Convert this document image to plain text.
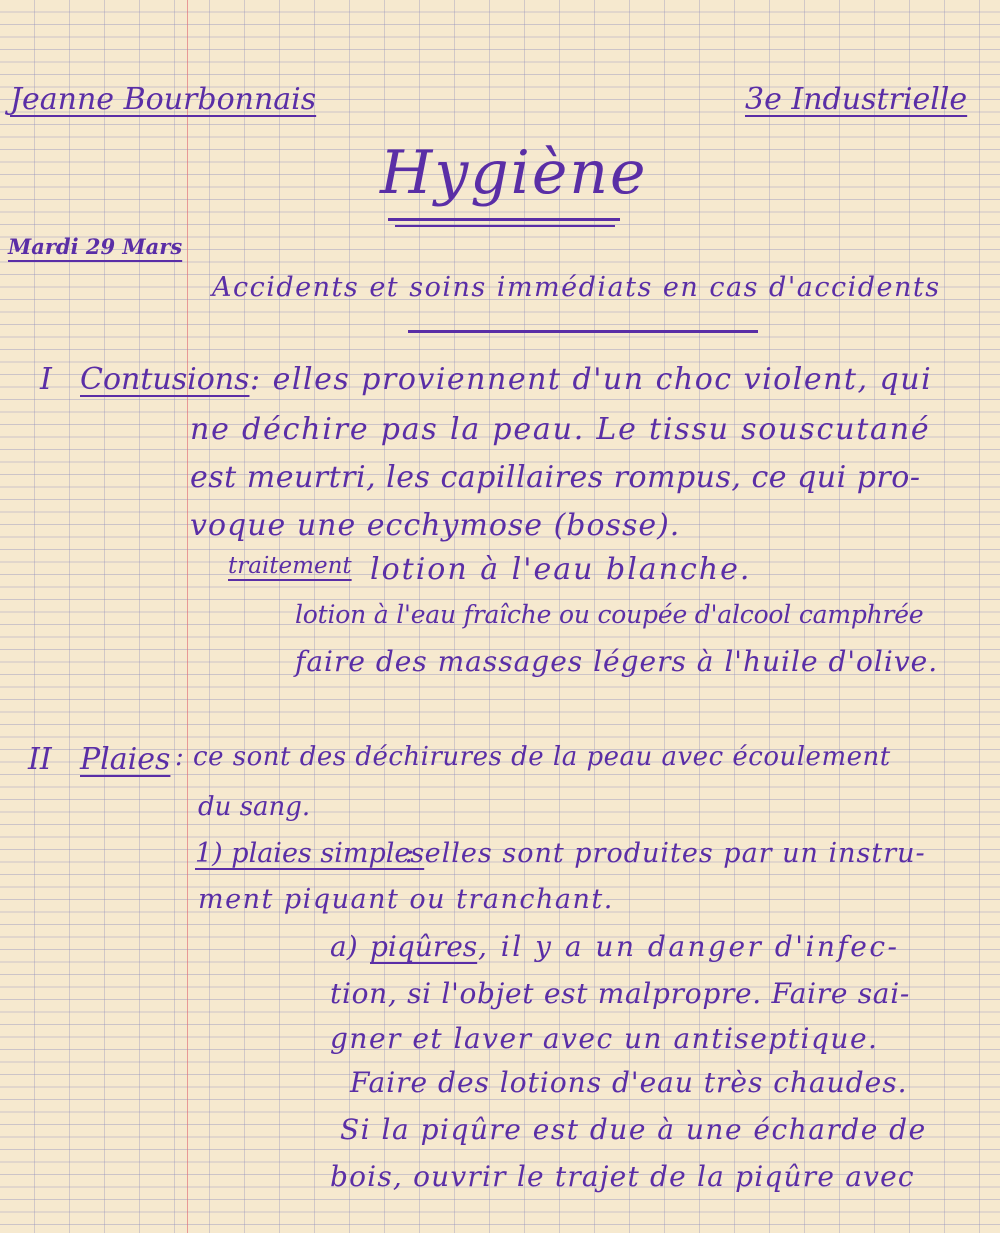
Jeanne Bourbonnais	3e Industrielle
Hygiène
Mardi 29 Mars
Accidents et soins immédiats en cas d'accidents
I Contusions : elles proviennent d'un choc violent, qui
ne déchire pas la peau. Le tissu souscutané
est meurtri, les capillaires rompus, ce qui pro-
voque une ecchymose (bosse).
traitement lotion à l'eau blanche.
lotion à l'eau fraîche ou coupée d'alcool camphrée
faire des massages légers à l'huile d'olive.
II Plaies : ce sont des déchirures de la peau avec écoulement
du sang.
1) plaies simples
: elles sont produites par un instru-
ment piquant ou tranchant.
a) piqûres , il y a un danger d'infec-
tion, si l'objet est malpropre. Faire sai-
gner et laver avec un antiseptique.
Faire des lotions d'eau très chaudes.
Si la piqûre est due à une écharde de
bois, ouvrir le trajet de la piqûre avec
